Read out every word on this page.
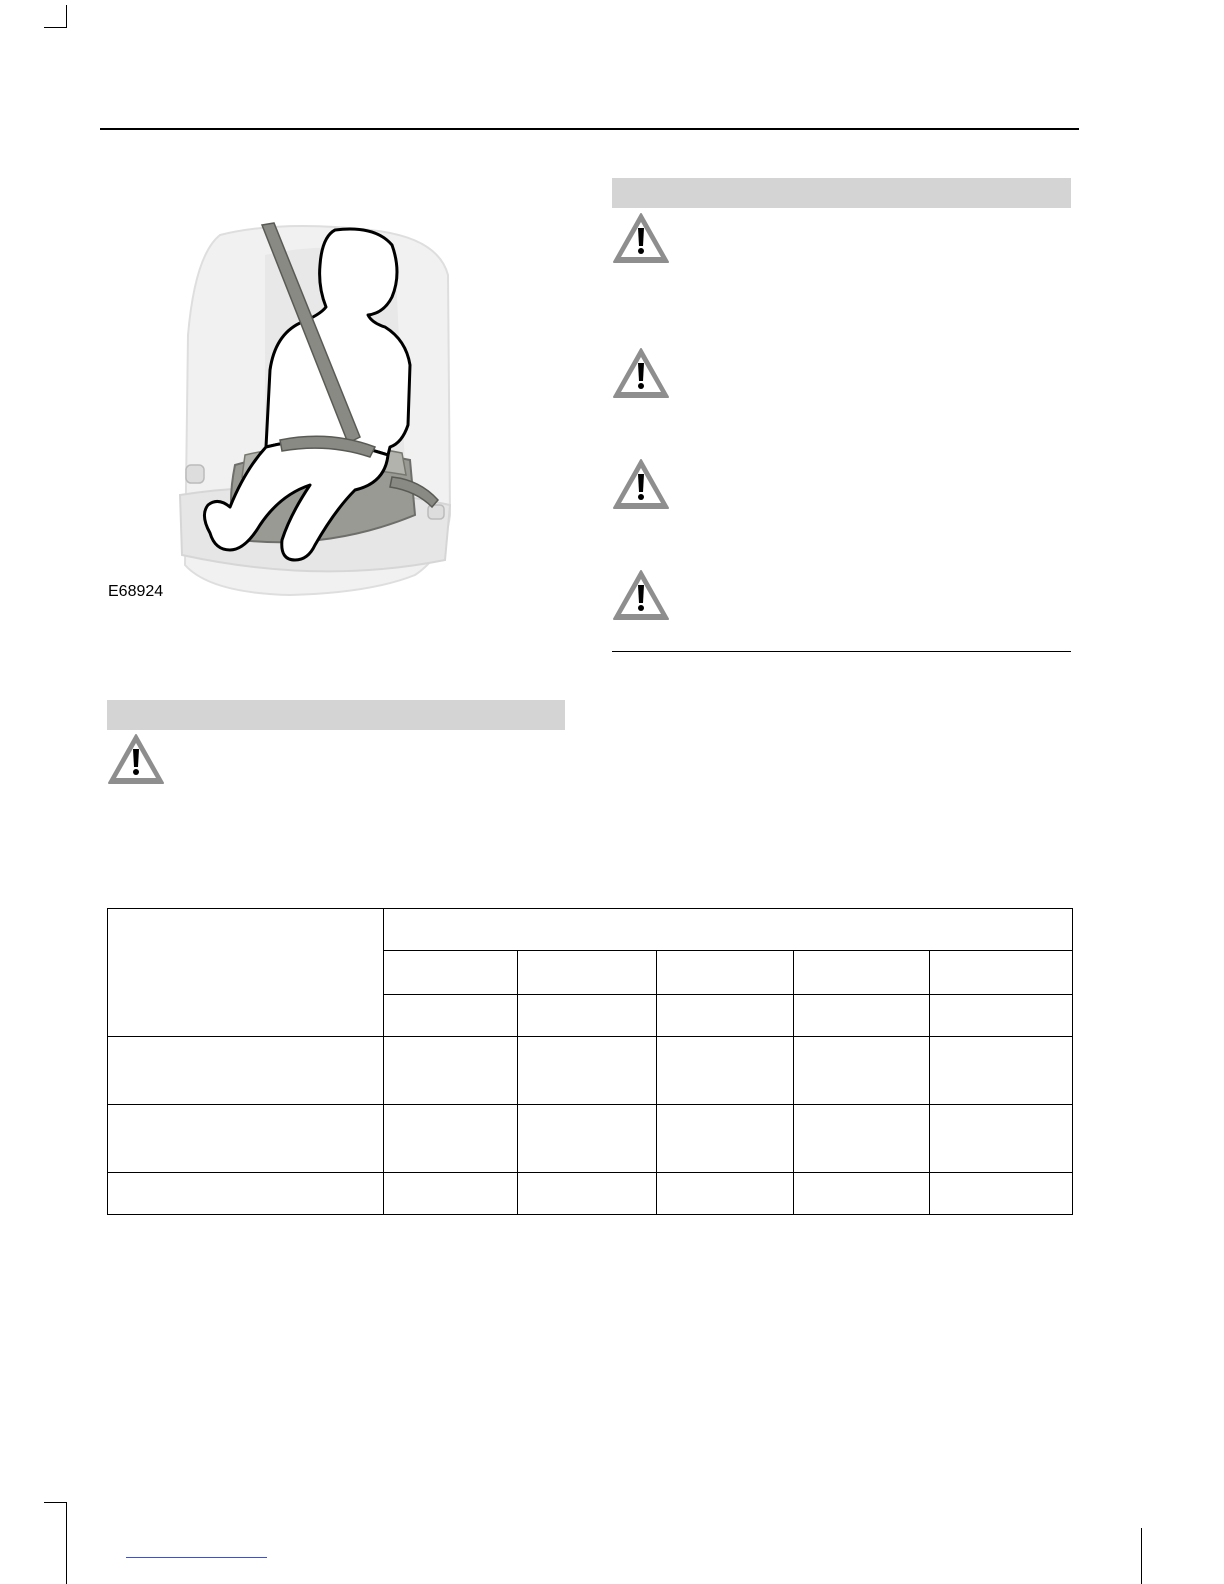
E68924
